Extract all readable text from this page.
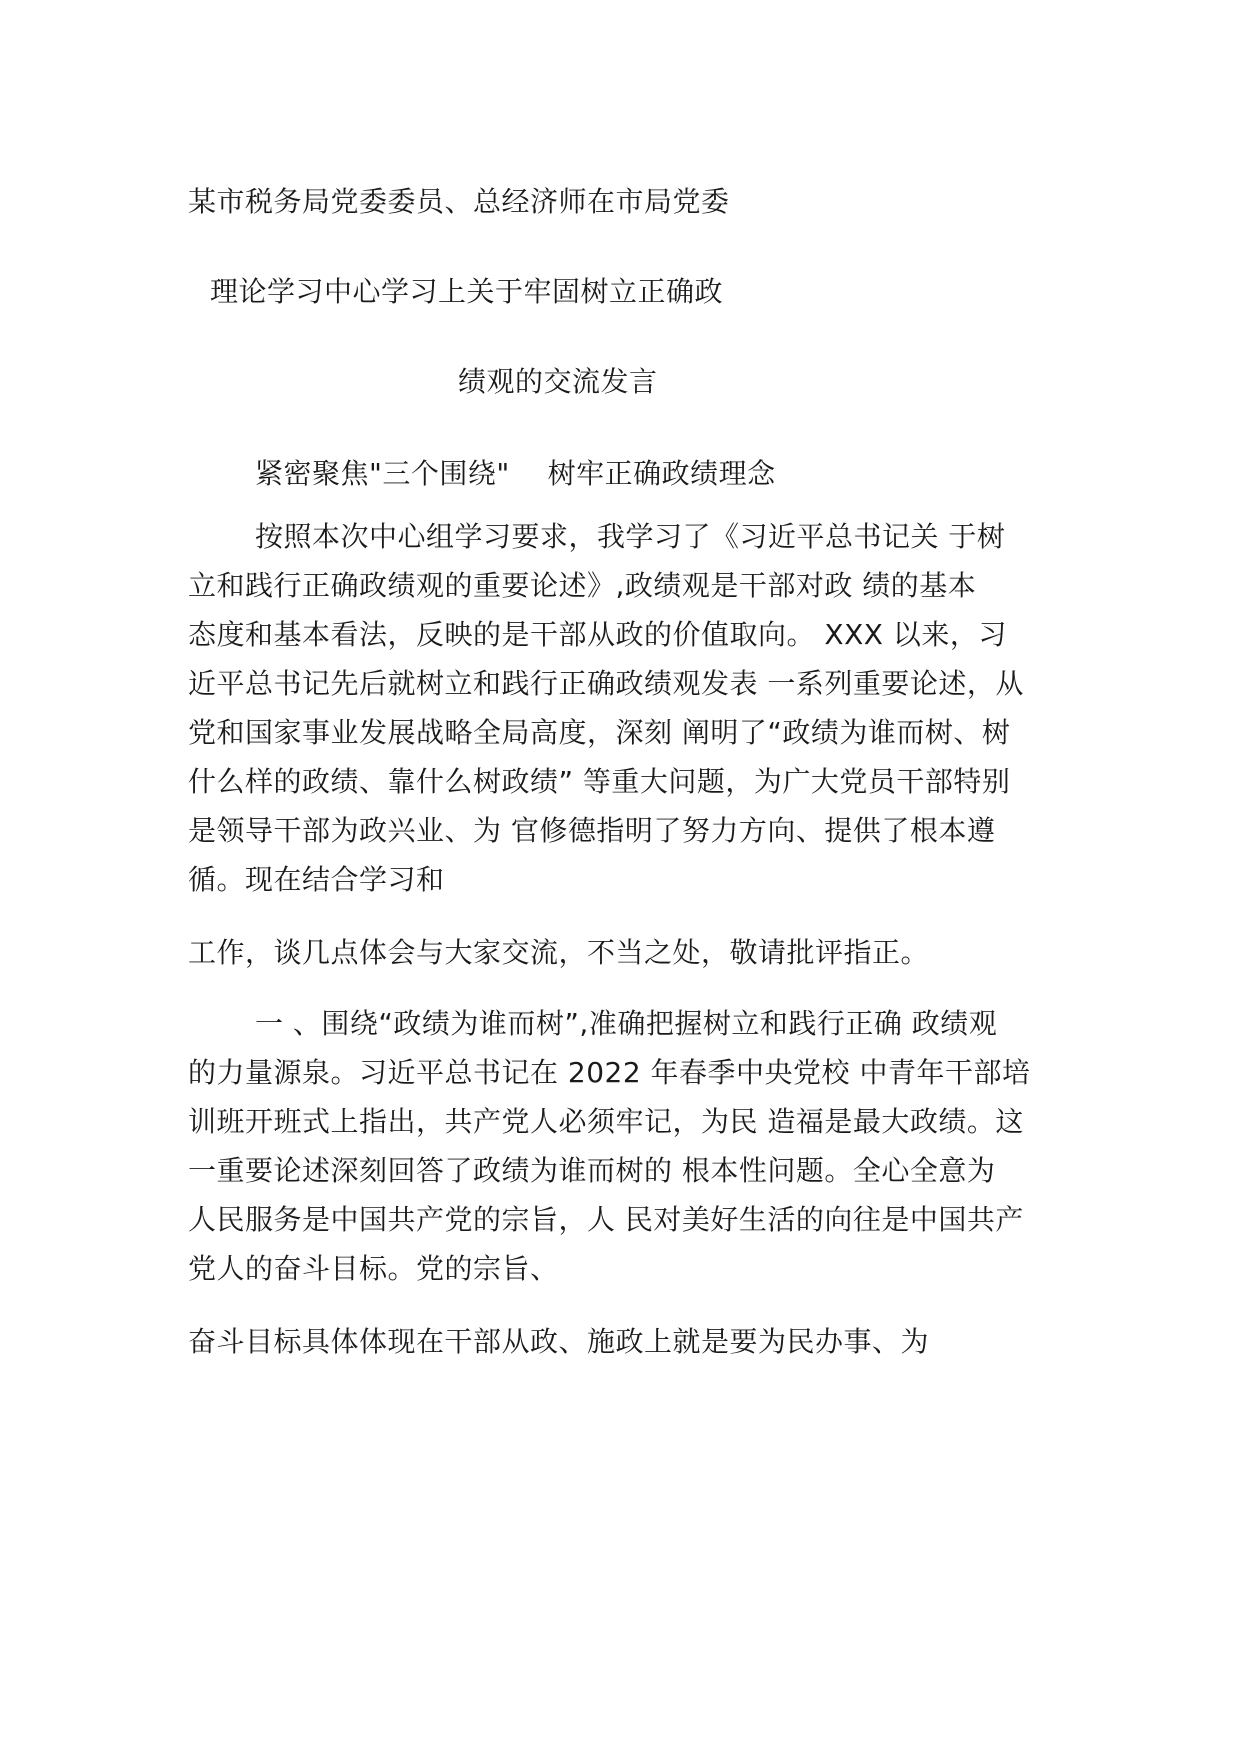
某市税务局党委委员、总经济师在市局党委
理论学习中心学习上关于牢固树立正确政
绩观的交流发言
紧密聚焦"三个围绕"　 树牢正确政绩理念
按照本次中心组学习要求，我学习了《习近平总书记关 于树
立和践行正确政绩观的重要论述》,政绩观是干部对政 绩的基本
态度和基本看法，反映的是干部从政的价值取向。 XXX 以来，习
近平总书记先后就树立和践行正确政绩观发表 一系列重要论述，从
党和国家事业发展战略全局高度，深刻 阐明了“政绩为谁而树、树
什么样的政绩、靠什么树政绩” 等重大问题，为广大党员干部特别
是领导干部为政兴业、为 官修德指明了努力方向、提供了根本遵
循。现在结合学习和
工作，谈几点体会与大家交流，不当之处，敬请批评指正。
一 、围绕“政绩为谁而树”,准确把握树立和践行正确 政绩观
的力量源泉。习近平总书记在 2022 年春季中央党校 中青年干部培
训班开班式上指出，共产党人必须牢记，为民 造福是最大政绩。这
一重要论述深刻回答了政绩为谁而树的 根本性问题。全心全意为
人民服务是中国共产党的宗旨，人 民对美好生活的向往是中国共产
党人的奋斗目标。党的宗旨、
奋斗目标具体体现在干部从政、施政上就是要为民办事、为
